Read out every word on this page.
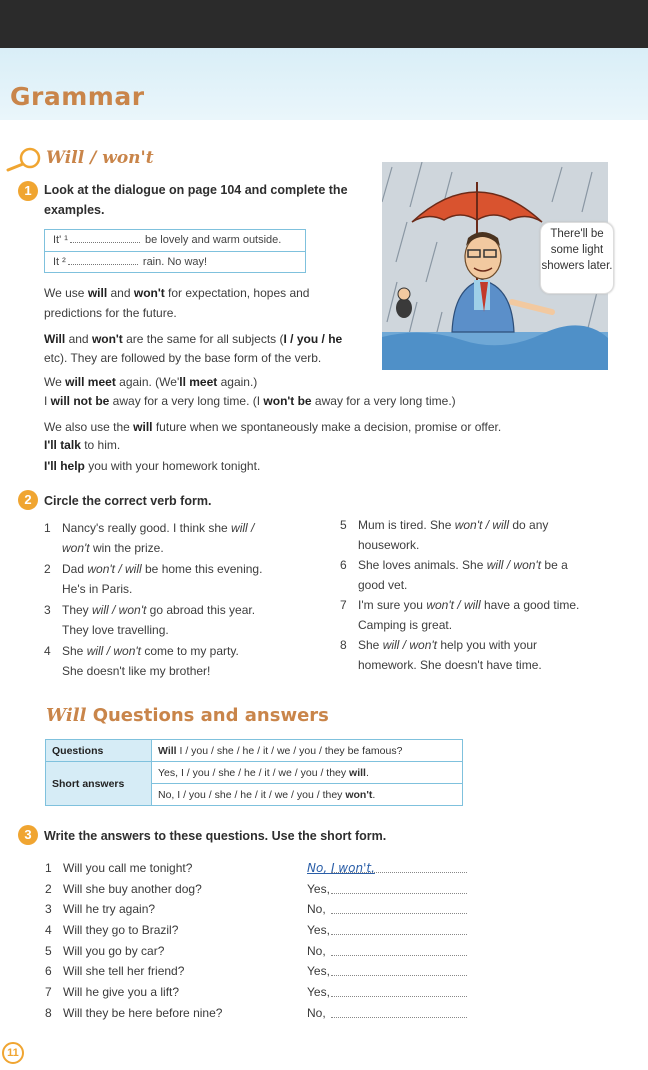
Grammar
Will / won't
1 Look at the dialogue on page 104 and complete the examples.
It' ¹	be lovely and warm outside.
It ²	rain. No way!
There'll be some light showers later.
We use will and won't for expectation, hopes and
predictions for the future.
Will and won't are the same for all subjects (I / you / he
etc). They are followed by the base form of the verb.
We will meet again. (We'll meet again.)
I will not be away for a very long time. (I won't be away for a very long time.)
We also use the will future when we spontaneously make a decision, promise or offer.
I'll talk to him.
I'll help you with your homework tonight.
2 Circle the correct verb form.
1 Nancy's really good. I think she will /
won't win the prize.
2 Dad won't / will be home this evening.
He's in Paris.
3 They will / won't go abroad this year.
They love travelling.
4 She will / won't come to my party.
She doesn't like my brother!
5 Mum is tired. She won't / will do any
housework.
6 She loves animals. She will / won't be a
good vet.
7 I'm sure you won't / will have a good time.
Camping is great.
8 She will / won't help you with your
homework. She doesn't have time.
Will Questions and answers
Questions	Will I / you / she / he / it / we / you / they be famous?
Short answers	Yes, I / you / she / he / it / we / you / they will.
	No, I / you / she / he / it / we / you / they won't.
3 Write the answers to these questions. Use the short form.
1 Will you call me tonight?	No, I won't.
2 Will she buy another dog?	Yes,
3 Will he try again?	No,
4 Will they go to Brazil?	Yes,
5 Will you go by car?	No,
6 Will she tell her friend?	Yes,
7 Will he give you a lift?	Yes,
8 Will they be here before nine?	No,
11
